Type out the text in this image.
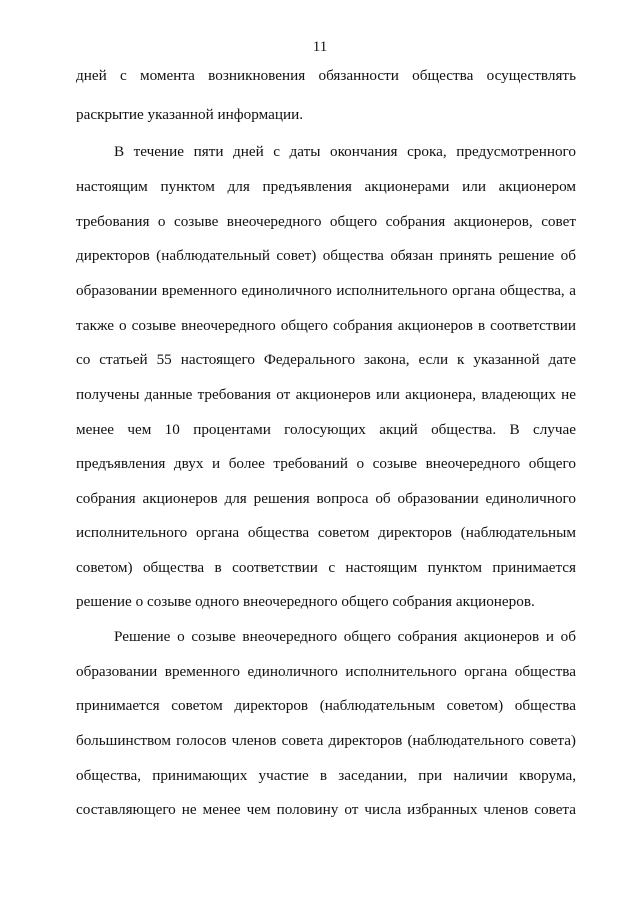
11
дней с момента возникновения обязанности общества осуществлять
раскрытие указанной информации.
В течение пяти дней с даты окончания срока, предусмотренного
настоящим пунктом для предъявления акционерами или акционером
требования о созыве внеочередного общего собрания акционеров, совет
директоров (наблюдательный совет) общества обязан принять решение об
образовании временного единоличного исполнительного органа общества, а
также о созыве внеочередного общего собрания акционеров в соответствии
со статьей 55 настоящего Федерального закона, если к указанной дате
получены данные требования от акционеров или акционера, владеющих не
менее чем 10 процентами голосующих акций общества. В случае
предъявления двух и более требований о созыве внеочередного общего
собрания акционеров для решения вопроса об образовании единоличного
исполнительного органа общества советом директоров (наблюдательным
советом) общества в соответствии с настоящим пунктом принимается
решение о созыве одного внеочередного общего собрания акционеров.
Решение о созыве внеочередного общего собрания акционеров и об
образовании временного единоличного исполнительного органа общества
принимается советом директоров (наблюдательным советом) общества
большинством голосов членов совета директоров (наблюдательного совета)
общества, принимающих участие в заседании, при наличии кворума,
составляющего не менее чем половину от числа избранных членов совета
